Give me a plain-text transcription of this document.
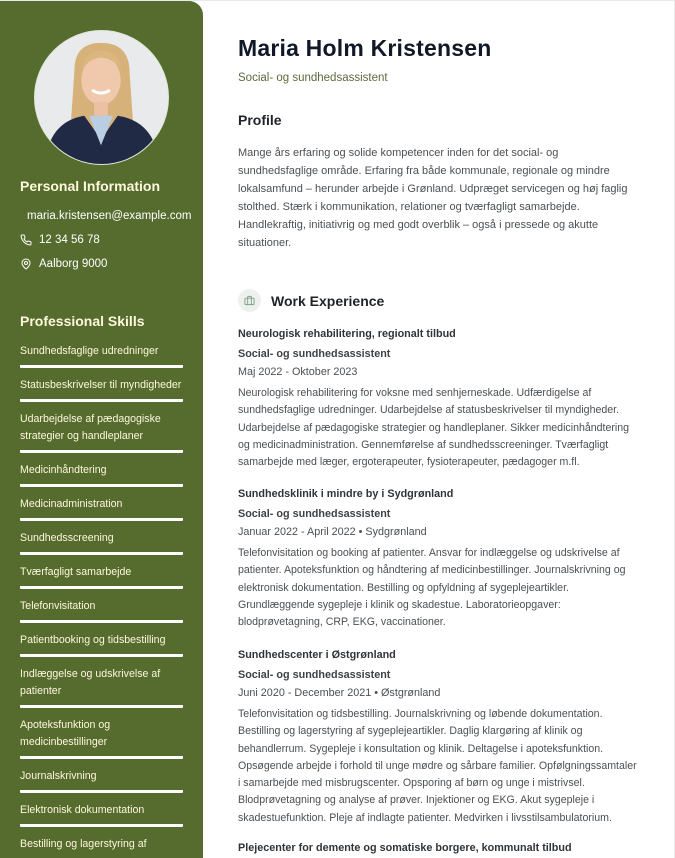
Personal Information
maria.kristensen@example.com
12 34 56 78
Aalborg 9000
Professional Skills
Sundhedsfaglige udredninger
Statusbeskrivelser til myndigheder
Udarbejdelse af pædagogiske strategier og handleplaner
Medicinhåndtering
Medicinadministration
Sundhedsscreening
Tværfagligt samarbejde
Telefonvisitation
Patientbooking og tidsbestilling
Indlæggelse og udskrivelse af patienter
Apoteksfunktion og medicinbestillinger
Journalskrivning
Elektronisk dokumentation
Bestilling og lagerstyring af
Maria Holm Kristensen
Social- og sundhedsassistent
Profile

Mange års erfaring og solide kompetencer inden for det social- og sundhedsfaglige område. Erfaring fra både kommunale, regionale og mindre lokalsamfund – herunder arbejde i Grønland. Udpræget servicegen og høj faglig stolthed. Stærk i kommunikation, relationer og tværfagligt samarbejde. Handlekraftig, initiativrig og med godt overblik – også i pressede og akutte situationer.

Work Experience
Neurologisk rehabilitering, regionalt tilbud
Social- og sundhedsassistent
Maj 2022 - Oktober 2023
Neurologisk rehabilitering for voksne med senhjerneskade. Udfærdigelse af sundhedsfaglige udredninger. Udarbejdelse af statusbeskrivelser til myndigheder. Udarbejdelse af pædagogiske strategier og handleplaner. Sikker medicinhåndtering og medicinadministration. Gennemførelse af sundhedsscreeninger. Tværfagligt samarbejde med læger, ergoterapeuter, fysioterapeuter, pædagoger m.fl.
Sundhedsklinik i mindre by i Sydgrønland
Social- og sundhedsassistent
Januar 2022 - April 2022 • Sydgrønland
Telefonvisitation og booking af patienter. Ansvar for indlæggelse og udskrivelse af patienter. Apoteksfunktion og håndtering af medicinbestillinger. Journalskrivning og elektronisk dokumentation. Bestilling og opfyldning af sygeplejeartikler. Grundlæggende sygepleje i klinik og skadestue. Laboratorieopgaver: blodprøvetagning, CRP, EKG, vaccinationer.
Sundhedscenter i Østgrønland
Social- og sundhedsassistent
Juni 2020 - December 2021 • Østgrønland
Telefonvisitation og tidsbestilling. Journalskrivning og løbende dokumentation. Bestilling og lagerstyring af sygeplejeartikler. Daglig klargøring af klinik og behandlerrum. Sygepleje i konsultation og klinik. Deltagelse i apoteksfunktion. Opsøgende arbejde i forhold til unge mødre og sårbare familier. Opfølgningssamtaler i samarbejde med misbrugscenter. Opsporing af børn og unge i mistrivsel. Blodprøvetagning og analyse af prøver. Injektioner og EKG. Akut sygepleje i skadestuefunktion. Pleje af indlagte patienter. Medvirken i livsstilsambulatorium.
Plejecenter for demente og somatiske borgere, kommunalt tilbud
